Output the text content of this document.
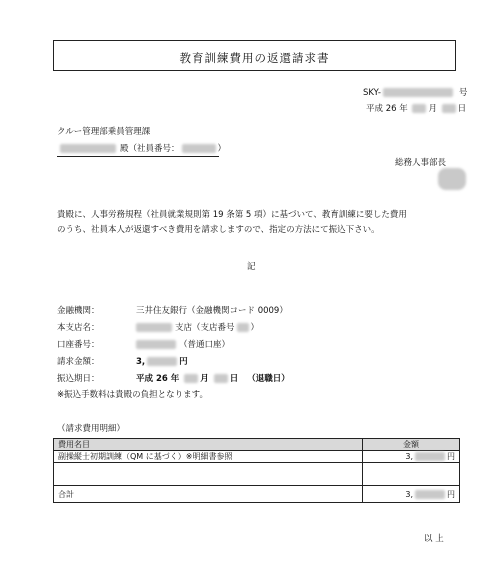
教育訓練費用の返還請求書
SKY-	号
平成 26 年 月 日
クルー管理部乗員管理課
殿（社員番号：	）
総務人事部長
貴殿に、人事労務規程（社員就業規則第 19 条第 5 項）に基づいて、教育訓練に要した費用
のうち、社員本人が返還すべき費用を請求しますので、指定の方法にて振込下さい。
記
金融機関：	三井住友銀行（金融機関コード 0009）
本支店名：	支店（支店番号 ）
口座番号：	（普通口座）
請求金額：	3,	円
振込期日：	平成 26 年 月 日 （退職日）
※振込手数料は貴殿の負担となります。
（請求費用明細）
費用名目	金額
副操縦士初期訓練（QM に基づく）※明細書参照	3, 円

合計	3, 円
以 上
